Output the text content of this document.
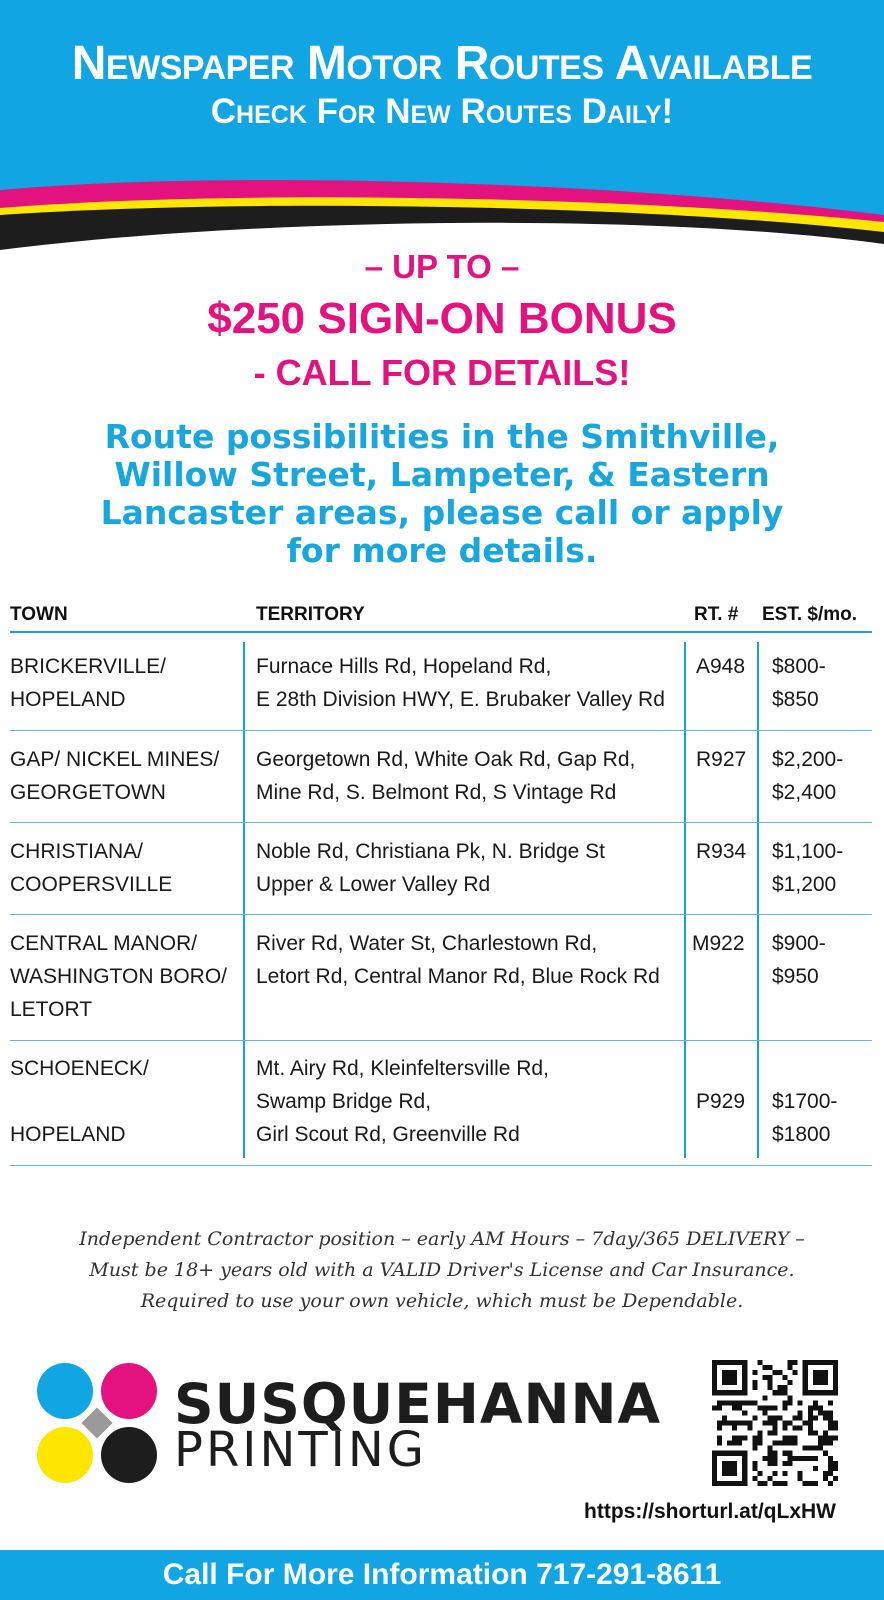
Newspaper Motor Routes Available
Check For New Routes Daily!
– UP TO –
$250 SIGN-ON BONUS
- CALL FOR DETAILS!
Route possibilities in the Smithville, Willow Street, Lampeter, & Eastern Lancaster areas, please call or apply for more details.
TOWN	TERRITORY	RT. # EST. $/mo.
BRICKERVILLE/
HOPELAND
Furnace Hills Rd, Hopeland Rd,
E 28th Division HWY, E. Brubaker Valley Rd
A948 $800-
$850
GAP/ NICKEL MINES/
GEORGETOWN
Georgetown Rd, White Oak Rd, Gap Rd,
Mine Rd, S. Belmont Rd, S Vintage Rd
R927 $2,200-
$2,400
CHRISTIANA/
COOPERSVILLE
Noble Rd, Christiana Pk, N. Bridge St
Upper & Lower Valley Rd
R934 $1,100-
$1,200
CENTRAL MANOR/
WASHINGTON BORO/
LETORT
River Rd, Water St, Charlestown Rd,
Letort Rd, Central Manor Rd, Blue Rock Rd
M922 $900-
$950
SCHOENECK/
HOPELAND
Mt. Airy Rd, Kleinfeltersville Rd,
Swamp Bridge Rd,
Girl Scout Rd, Greenville Rd
P929 $1700-
$1800
Independent Contractor position – early AM Hours – 7day/365 DELIVERY –
Must be 18+ years old with a VALID Driver's License and Car Insurance.
Required to use your own vehicle, which must be Dependable.
SUSQUEHANNA
PRINTING
https://shorturl.at/qLxHW
Call For More Information 717-291-8611
